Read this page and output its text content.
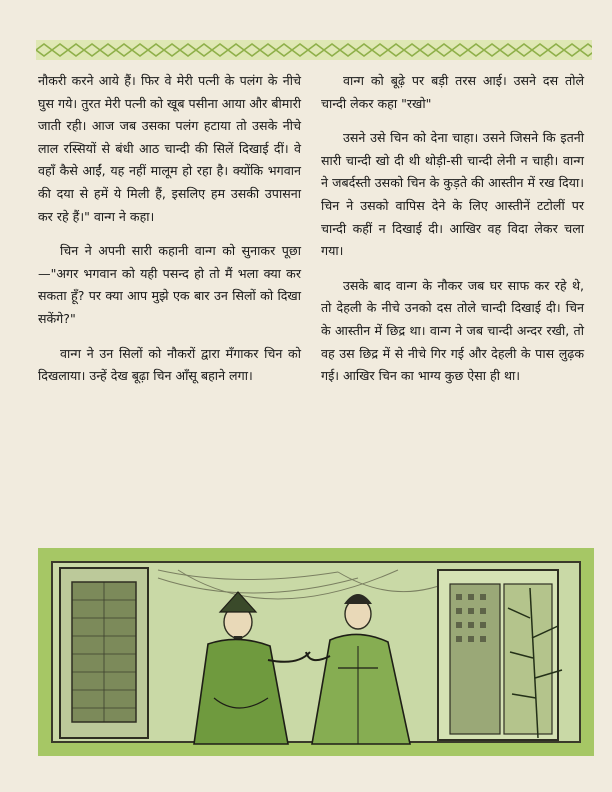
नौकरी करने आये हैं। फिर वे मेरी पत्नी के पलंग के नीचे घुस गये। तुरत मेरी पत्नी को खूब पसीना आया और बीमारी जाती रही। आज जब उसका पलंग हटाया तो उसके नीचे लाल रस्सियों से बंधी आठ चान्दी की सिलें दिखाई दीं। वे वहाँ कैसे आईं, यह नहीं मालूम हो रहा है। क्योंकि भगवान की दया से हमें ये मिली हैं, इसलिए हम उसकी उपासना कर रहे हैं।" वान्ग ने कहा।

चिन ने अपनी सारी कहानी वान्ग को सुनाकर पूछा—"अगर भगवान को यही पसन्द हो तो मैं भला क्या कर सकता हूँ? पर क्या आप मुझे एक बार उन सिलों को दिखा सकेंगे?"

वान्ग ने उन सिलों को नौकरों द्वारा मँगाकर चिन को दिखलाया। उन्हें देख बूढ़ा चिन आँसू बहाने लगा।

वान्ग को बूढ़े पर बड़ी तरस आई। उसने दस तोले चान्दी लेकर कहा "रखो"

उसने उसे चिन को देना चाहा। उसने जिसने कि इतनी सारी चान्दी खो दी थी थोड़ी-सी चान्दी लेनी न चाही। वान्ग ने जबर्दस्ती उसको चिन के कुड़ते की आस्तीन में रख दिया। चिन ने उसको वापिस देने के लिए आस्तीनें टटोलीं पर चान्दी कहीं न दिखाई दी। आखिर वह विदा लेकर चला गया।

उसके बाद वान्ग के नौकर जब घर साफ कर रहे थे, तो देहली के नीचे उनको दस तोले चान्दी दिखाई दी। चिन के आस्तीन में छिद्र था। वान्ग ने जब चान्दी अन्दर रखी, तो वह उस छिद्र में से नीचे गिर गई और देहली के पास लुढ़क गई। आखिर चिन का भाग्य कुछ ऐसा ही था।
